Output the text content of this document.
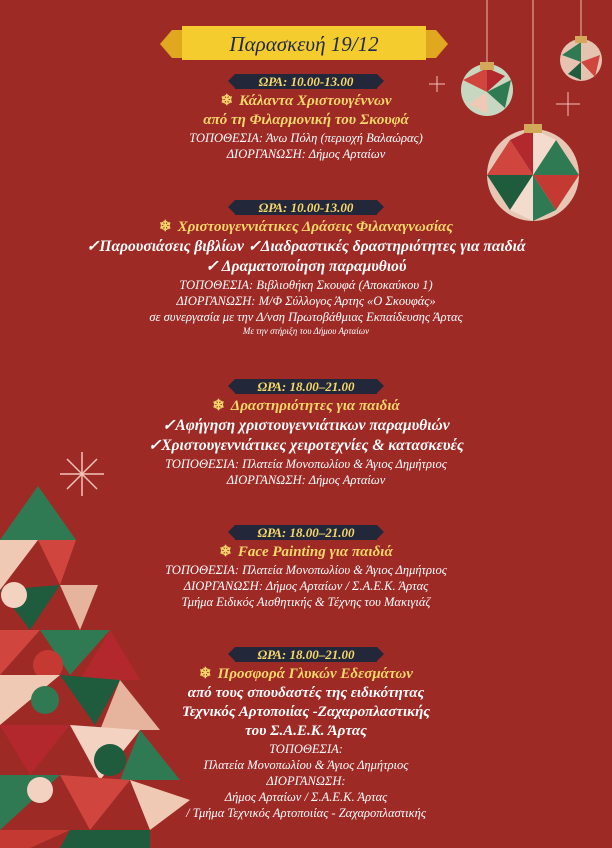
Παρασκευή 19/12
ΩΡΑ: 10.00-13.00
❄ Κάλαντα Χριστουγέννων
από τη Φιλαρμονική του Σκουφά
ΤΟΠΟΘΕΣΙΑ: Άνω Πόλη (περιοχή Βαλαώρας)
ΔΙΟΡΓΑΝΩΣΗ: Δήμος Αρταίων
ΩΡΑ: 10.00-13.00
❄ Χριστουγεννιάτικες Δράσεις Φιλαναγνωσίας
✓Παρουσιάσεις βιβλίων ✓Διαδραστικές δραστηριότητες για παιδιά
✓ Δραματοποίηση παραμυθιού
ΤΟΠΟΘΕΣΙΑ: Βιβλιοθήκη Σκουφά (Αποκαύκου 1)
ΔΙΟΡΓΑΝΩΣΗ: Μ/Φ Σύλλογος Άρτης «Ο Σκουφάς»
σε συνεργασία με την Δ/νση Πρωτοβάθμιας Εκπαίδευσης Άρτας
Με την στήριξη του Δήμου Αρταίων
ΩΡΑ: 18.00–21.00
❄ Δραστηριότητες για παιδιά
✓Αφήγηση χριστουγεννιάτικων παραμυθιών
✓Χριστουγεννιάτικες χειροτεχνίες & κατασκευές
ΤΟΠΟΘΕΣΙΑ: Πλατεία Μονοπωλίου & Άγιος Δημήτριος
ΔΙΟΡΓΑΝΩΣΗ: Δήμος Αρταίων
ΩΡΑ: 18.00–21.00
❄ Face Painting για παιδιά
ΤΟΠΟΘΕΣΙΑ: Πλατεία Μονοπωλίου & Άγιος Δημήτριος
ΔΙΟΡΓΑΝΩΣΗ: Δήμος Αρταίων / Σ.Α.Ε.Κ. Άρτας
Τμήμα Ειδικός Αισθητικής & Τέχνης του Μακιγιάζ
ΩΡΑ: 18.00–21.00
❄ Προσφορά Γλυκών Εδεσμάτων
από τους σπουδαστές της ειδικότητας
Τεχνικός Αρτοποιίας -Ζαχαροπλαστικής
του Σ.Α.Ε.Κ. Άρτας
ΤΟΠΟΘΕΣΙΑ:
Πλατεία Μονοπωλίου & Άγιος Δημήτριος
ΔΙΟΡΓΑΝΩΣΗ:
Δήμος Αρταίων / Σ.Α.Ε.Κ. Άρτας
/ Τμήμα Τεχνικός Αρτοποιίας - Ζαχαροπλαστικής
